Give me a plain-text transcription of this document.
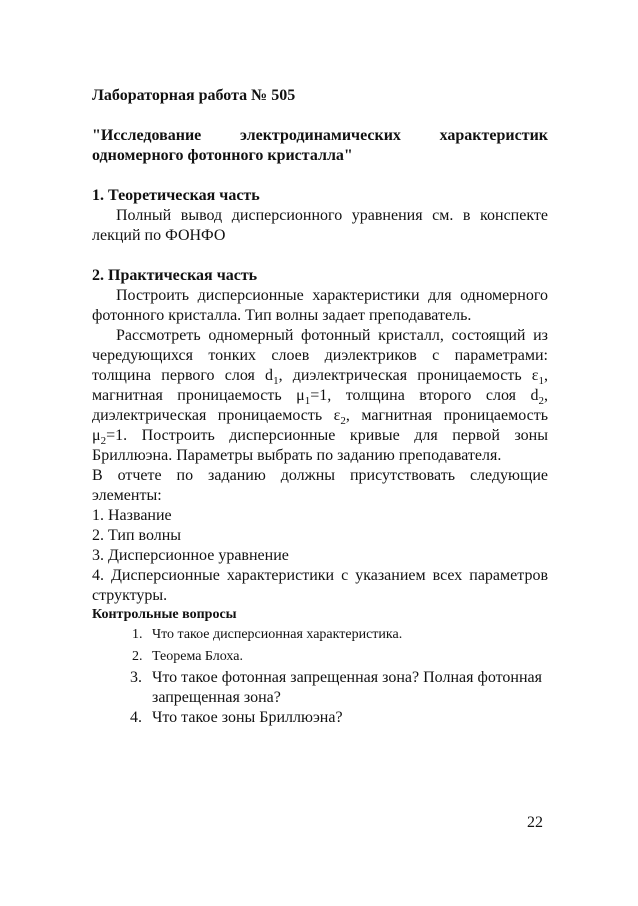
Лабораторная работа № 505

"Исследование электродинамических характеристик одномерного фотонного кристалла"

1. Теоретическая часть

Полный вывод дисперсионного уравнения см. в конспекте лекций по ФОНФО

2. Практическая часть

Построить дисперсионные характеристики для одномерного фотонного кристалла. Тип волны задает преподаватель.

Рассмотреть одномерный фотонный кристалл, состоящий из чередующихся тонких слоев диэлектриков с параметрами: толщина первого слоя $d_1$, диэлектрическая проницаемость $\varepsilon_1$, магнитная проницаемость $\mu_1=1$, толщина второго слоя $d_2$, диэлектрическая проницаемость $\varepsilon_2$, магнитная проницаемость $\mu_2=1$. Построить дисперсионные кривые для первой зоны Бриллюэна. Параметры выбрать по заданию преподавателя.

В отчете по заданию должны присутствовать следующие элементы:

1. Название

2. Тип волны

3. Дисперсионное уравнение

4. Дисперсионные характеристики с указанием всех параметров структуры.

Контрольные вопросы

1. Что такое дисперсионная характеристика.
2. Теорема Блоха.
3. Что такое фотонная запрещенная зона? Полная фотонная запрещенная зона?
4. Что такое зоны Бриллюэна?
22
